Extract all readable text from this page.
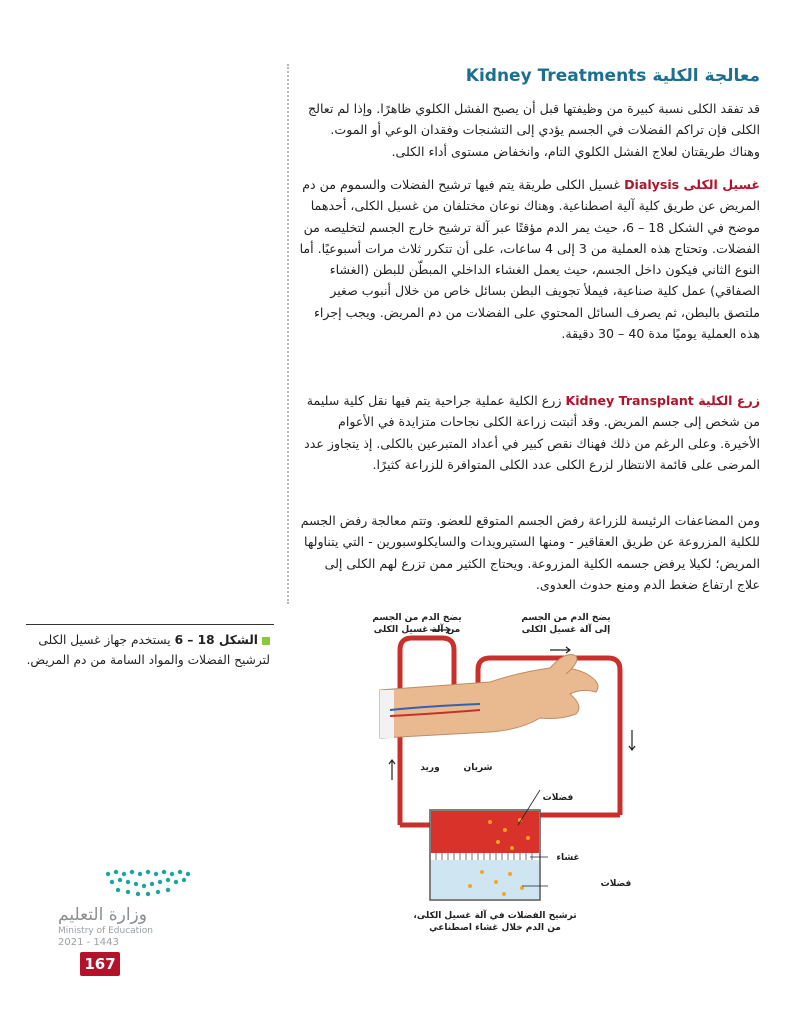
معالجة الكلية Kidney Treatments
قد تفقد الكلى نسبة كبيرة من وظيفتها قبل أن يصبح الفشل الكلوي ظاهرًا. وإذا لم تعالج الكلى فإن تراكم الفضلات في الجسم يؤدي إلى التشنجات وفقدان الوعي أو الموت. وهناك طريقتان لعلاج الفشل الكلوي التام، وانخفاض مستوى أداء الكلى.
غسيل الكلى Dialysis غسيل الكلى طريقة يتم فيها ترشيح الفضلات والسموم من دم المريض عن طريق كلية آلية اصطناعية. وهناك نوعان مختلفان من غسيل الكلى، أحدهما موضح في الشكل 18 – 6، حيث يمر الدم مؤقتًا عبر آلة ترشيح خارج الجسم لتخليصه من الفضلات. وتحتاج هذه العملية من 3 إلى 4 ساعات، على أن تتكرر ثلاث مرات أسبوعيًا. أما النوع الثاني فيكون داخل الجسم، حيث يعمل الغشاء الداخلي المبطّن للبطن (الغشاء الصفاقي) عمل كلية صناعية، فيملأ تجويف البطن بسائل خاص من خلال أنبوب صغير ملتصق بالبطن، ثم يصرف السائل المحتوي على الفضلات من دم المريض. ويجب إجراء هذه العملية يوميًا مدة 40 – 30 دقيقة.
زرع الكلية Kidney Transplant زرع الكلية عملية جراحية يتم فيها نقل كلية سليمة من شخص إلى جسم المريض. وقد أثبتت زراعة الكلى نجاحات متزايدة في الأعوام الأخيرة. وعلى الرغم من ذلك فهناك نقص كبير في أعداد المتبرعين بالكلى. إذ يتجاوز عدد المرضى على قائمة الانتظار لزرع الكلى عدد الكلى المتوافرة للزراعة كثيرًا.
ومن المضاعفات الرئيسة للزراعة رفض الجسم المتوقع للعضو. وتتم معالجة رفض الجسم للكلية المزروعة عن طريق العقاقير - ومنها الستيرويدات والسايكلوسبورين - التي يتناولها المريض؛ لكيلا يرفض جسمه الكلية المزروعة. ويحتاج الكثير ممن تزرع لهم الكلى إلى علاج ارتفاع ضغط الدم ومنع حدوث العدوى.
الشكل 18 – 6 يستخدم جهاز غسيل الكلى لترشيح الفضلات والمواد السامة من دم المريض.
يضخ الدم من الجسم من آلة غسيل الكلى
يضخ الدم من الجسم إلى آلة غسيل الكلى
شريان
وريد
فضلات
غشاء
فضلات
ترشيح الفضلات في آلة غسيل الكلى، من الدم خلال غشاء اصطناعي
وزارة التعليم
Ministry of Education
2021 - 1443
167
